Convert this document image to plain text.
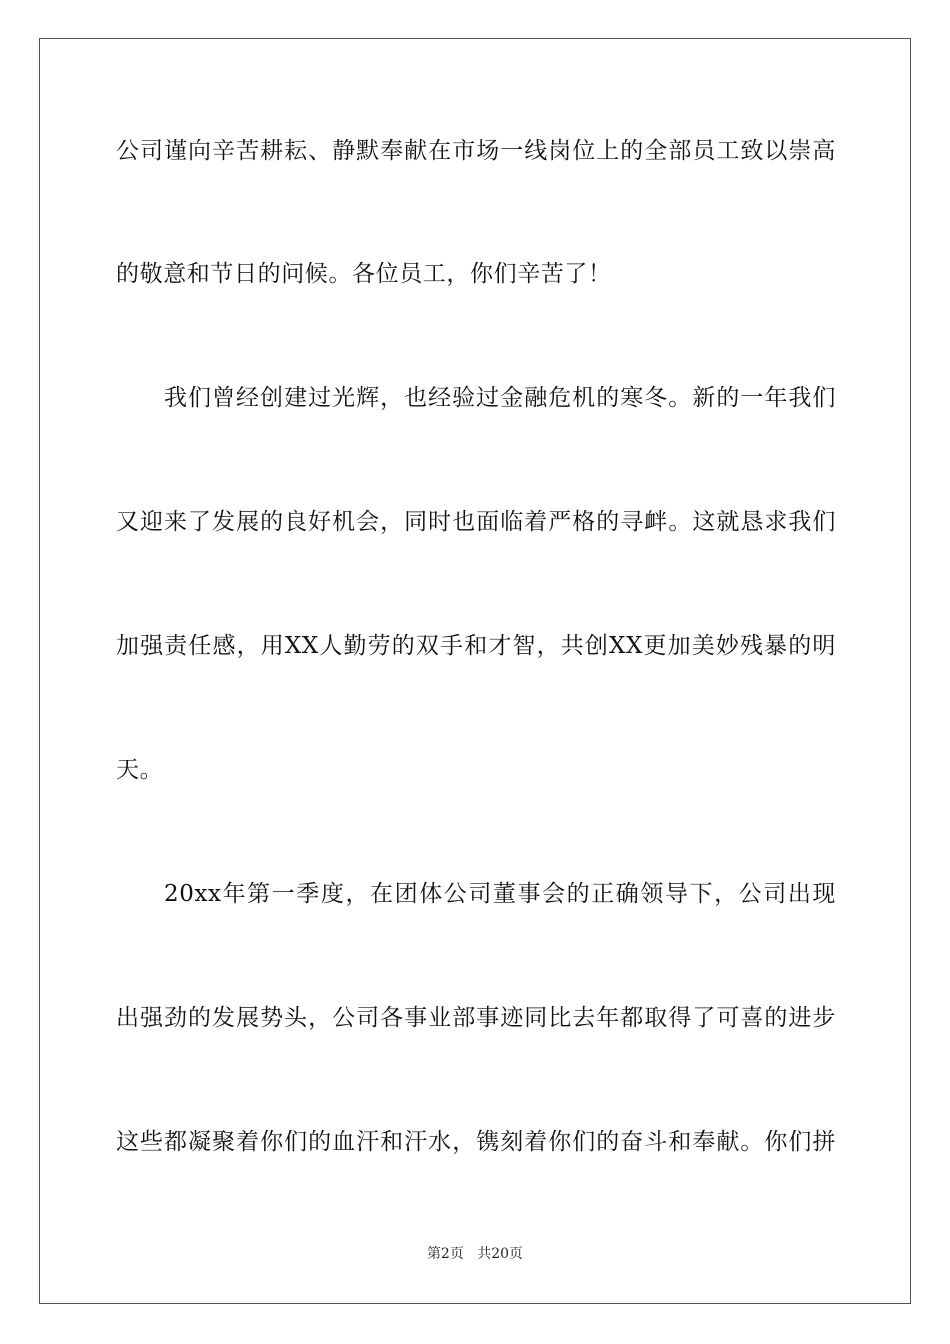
公司谨向辛苦耕耘、静默奉献在市场一线岗位上的全部员工致以崇高
的敬意和节日的问候。各位员工，你们辛苦了！
我们曾经创建过光辉，也经验过金融危机的寒冬。新的一年我们
又迎来了发展的良好机会，同时也面临着严格的寻衅。这就恳求我们
加强责任感，用XX人勤劳的双手和才智，共创XX更加美妙残暴的明
天。
20xx年第一季度，在团体公司董事会的正确领导下，公司出现
出强劲的发展势头，公司各事业部事迹同比去年都取得了可喜的进步
这些都凝聚着你们的血汗和汗水，镌刻着你们的奋斗和奉献。你们拼
第2页 共20页
